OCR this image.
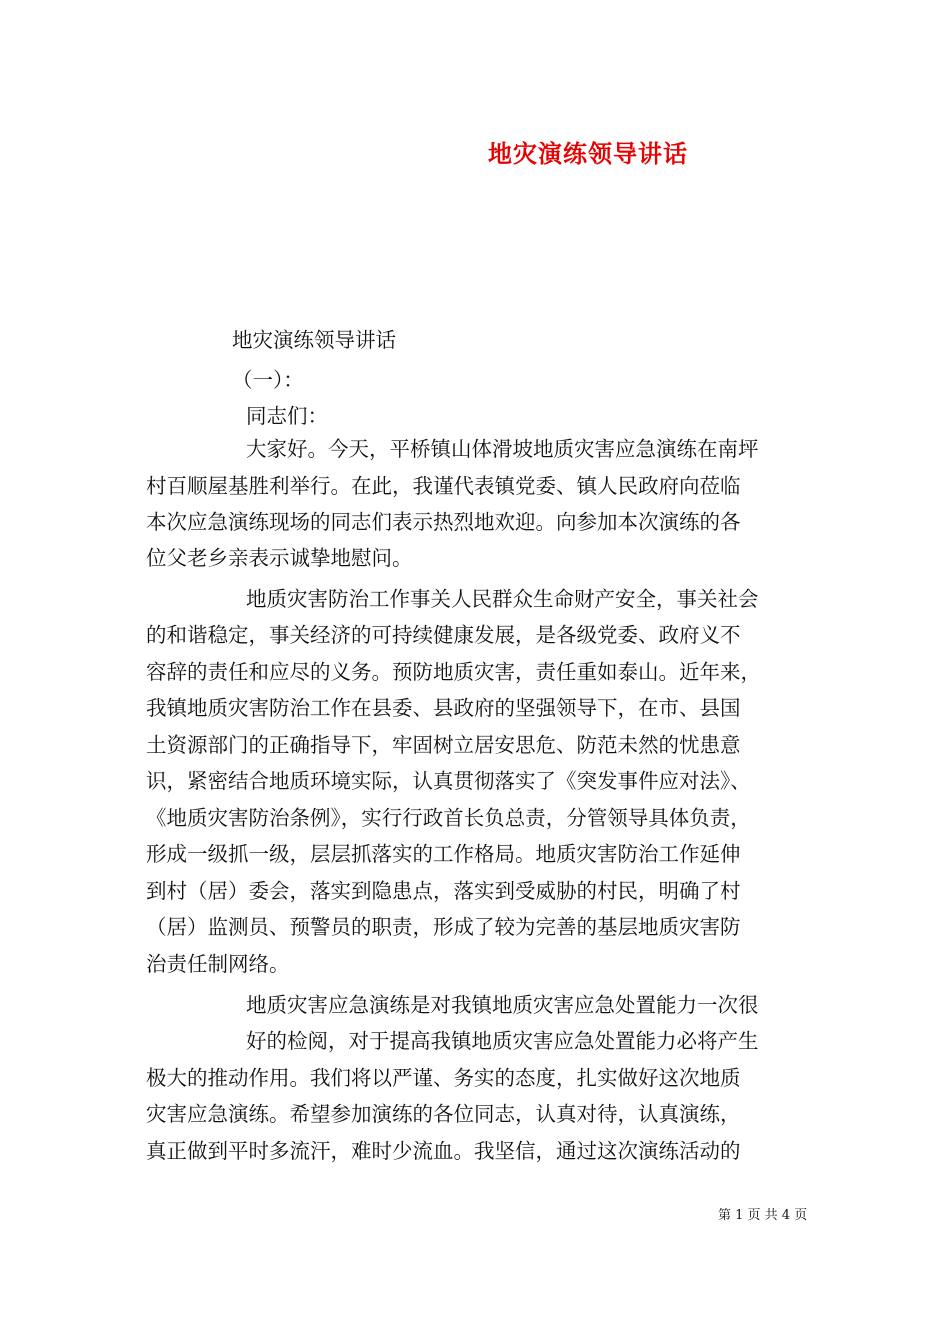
地灾演练领导讲话
地灾演练领导讲话
（一）：
同志们：
大家好。今天，平桥镇山体滑坡地质灾害应急演练在南坪
村百顺屋基胜利举行。在此，我谨代表镇党委、镇人民政府向莅临
本次应急演练现场的同志们表示热烈地欢迎。向参加本次演练的各
位父老乡亲表示诚挚地慰问。
地质灾害防治工作事关人民群众生命财产安全，事关社会
的和谐稳定，事关经济的可持续健康发展，是各级党委、政府义不
容辞的责任和应尽的义务。预防地质灾害，责任重如泰山。近年来，
我镇地质灾害防治工作在县委、县政府的坚强领导下，在市、县国
土资源部门的正确指导下，牢固树立居安思危、防范未然的忧患意
识，紧密结合地质环境实际，认真贯彻落实了《突发事件应对法》、
《地质灾害防治条例》，实行行政首长负总责，分管领导具体负责，
形成一级抓一级，层层抓落实的工作格局。地质灾害防治工作延伸
到村（居）委会，落实到隐患点，落实到受威胁的村民，明确了村
（居）监测员、预警员的职责，形成了较为完善的基层地质灾害防
治责任制网络。
地质灾害应急演练是对我镇地质灾害应急处置能力一次很
好的检阅，对于提高我镇地质灾害应急处置能力必将产生
极大的推动作用。我们将以严谨、务实的态度，扎实做好这次地质
灾害应急演练。希望参加演练的各位同志，认真对待，认真演练，
真正做到平时多流汗，难时少流血。我坚信，通过这次演练活动的
第 1 页 共 4 页
